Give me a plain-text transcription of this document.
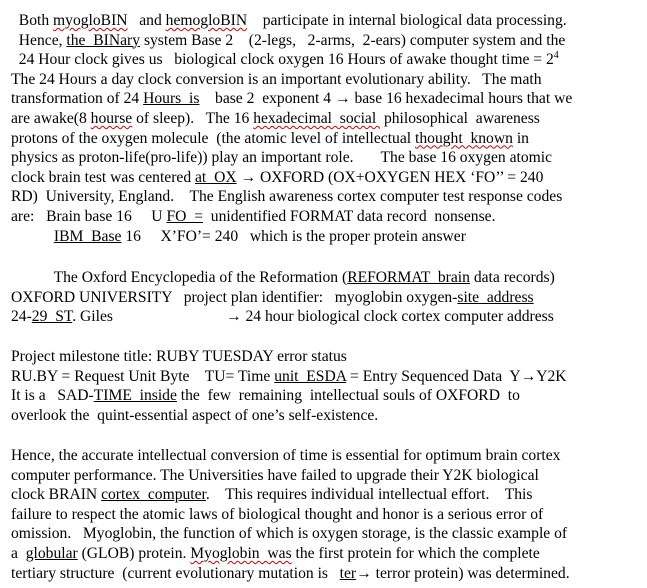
Both myogloBIN   and hemogloBIN    participate in internal biological data processing.
Hence, the  BINary system Base 2    (2-legs,   2-arms,  2-ears) computer system and the
24 Hour clock gives us   biological clock oxygen 16 Hours of awake thought time = $2^4$
The 24 Hours a day clock conversion is an important evolutionary ability.   The math
transformation of 24 Hours  is    base 2  exponent 4 → base 16 hexadecimal hours that we
are awake(8 hourse of sleep).   The 16 hexadecimal  social  philosophical  awareness
protons of the oxygen molecule  (the atomic level of intellectual thought  known in
physics as proton-life(pro-life)) play an important role.       The base 16 oxygen atomic
clock brain test was centered at  OX → OXFORD (OX+OXYGEN HEX ‘FO’’ = 240
RD)  University, England.    The English awareness cortex computer test response codes
are:   Brain base 16     U FO  =  unidentified FORMAT data record  nonsense.
IBM  Base 16     X’FO’= 240   which is the proper protein answer
The Oxford Encyclopedia of the Reformation (REFORMAT  brain data records)
OXFORD UNIVERSITY   project plan identifier:   myoglobin oxygen-site  address
24-29  ST. Giles                             → 24 hour biological clock cortex computer address
Project milestone title: RUBY TUESDAY error status
RU.BY = Request Unit Byte    TU= Time unit  ESDA = Entry Sequenced Data  Y→Y2K
It is a   SAD-TIME  inside the  few  remaining  intellectual souls of OXFORD  to
overlook the  quint-essential aspect of one’s self-existence.
Hence, the accurate intellectual conversion of time is essential for optimum brain cortex
computer performance. The Universities have failed to upgrade their Y2K biological
clock BRAIN cortex  computer.    This requires individual intellectual effort.    This
failure to respect the atomic laws of biological thought and honor is a serious error of
omission.   Myoglobin, the function of which is oxygen storage, is the classic example of
a  globular (GLOB) protein. Myoglobin  was the first protein for which the complete
tertiary structure  (current evolutionary mutation is   ter→ terror protein) was determined.
